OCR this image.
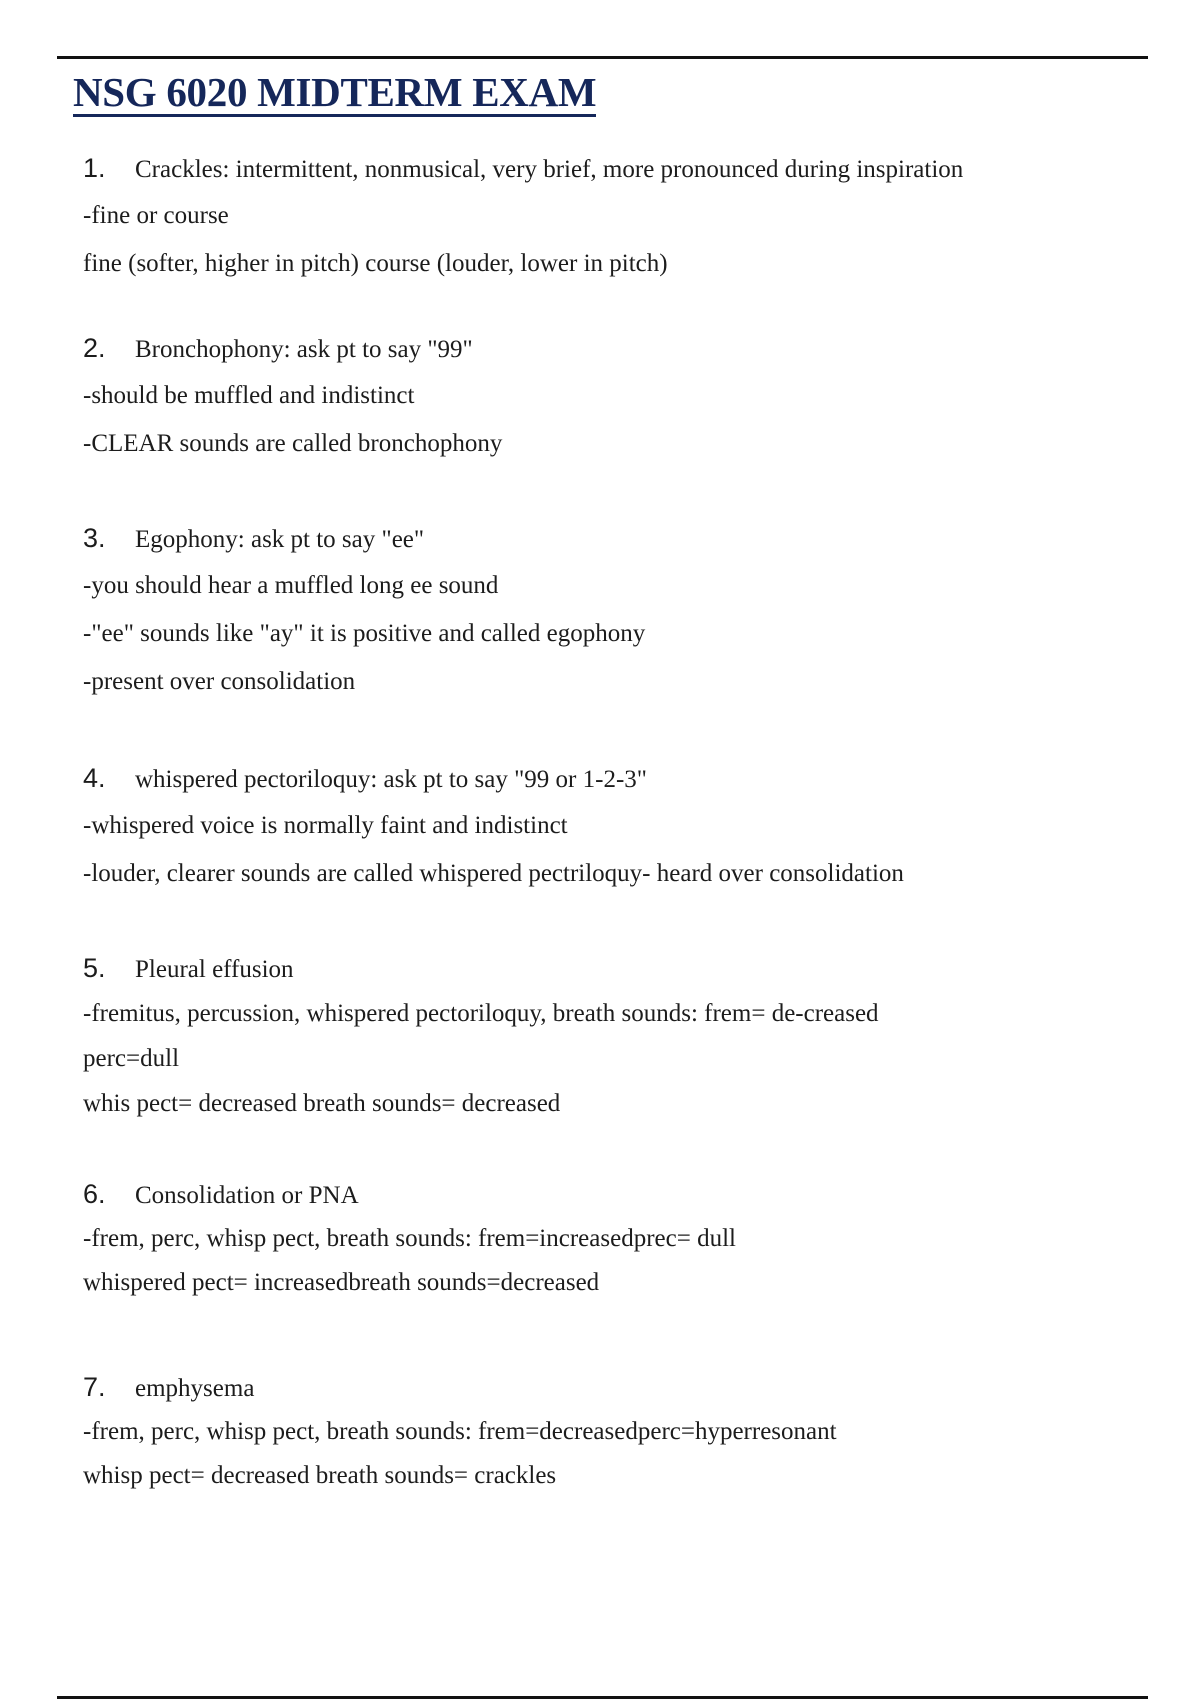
NSG 6020 MIDTERM EXAM
1.	Crackles: intermittent, nonmusical, very brief, more pronounced during inspiration
-fine or course
fine (softer, higher in pitch) course (louder, lower in pitch)
2.	Bronchophony: ask pt to say "99"
-should be muffled and indistinct
-CLEAR sounds are called bronchophony
3.	Egophony: ask pt to say "ee"
-you should hear a muffled long ee sound
-"ee" sounds like "ay" it is positive and called egophony
-present over consolidation
4.	whispered pectoriloquy: ask pt to say "99 or 1-2-3"
-whispered voice is normally faint and indistinct
-louder, clearer sounds are called whispered pectriloquy- heard over consolidation
5.	Pleural effusion
-fremitus, percussion, whispered pectoriloquy, breath sounds: frem= de-creased
perc=dull
whis pect= decreased breath sounds= decreased
6.	Consolidation or PNA
-frem, perc, whisp pect, breath sounds: frem=increasedprec= dull
whispered pect= increasedbreath sounds=decreased
7.	emphysema
-frem, perc, whisp pect, breath sounds: frem=decreasedperc=hyperresonant
whisp pect= decreased breath sounds= crackles
